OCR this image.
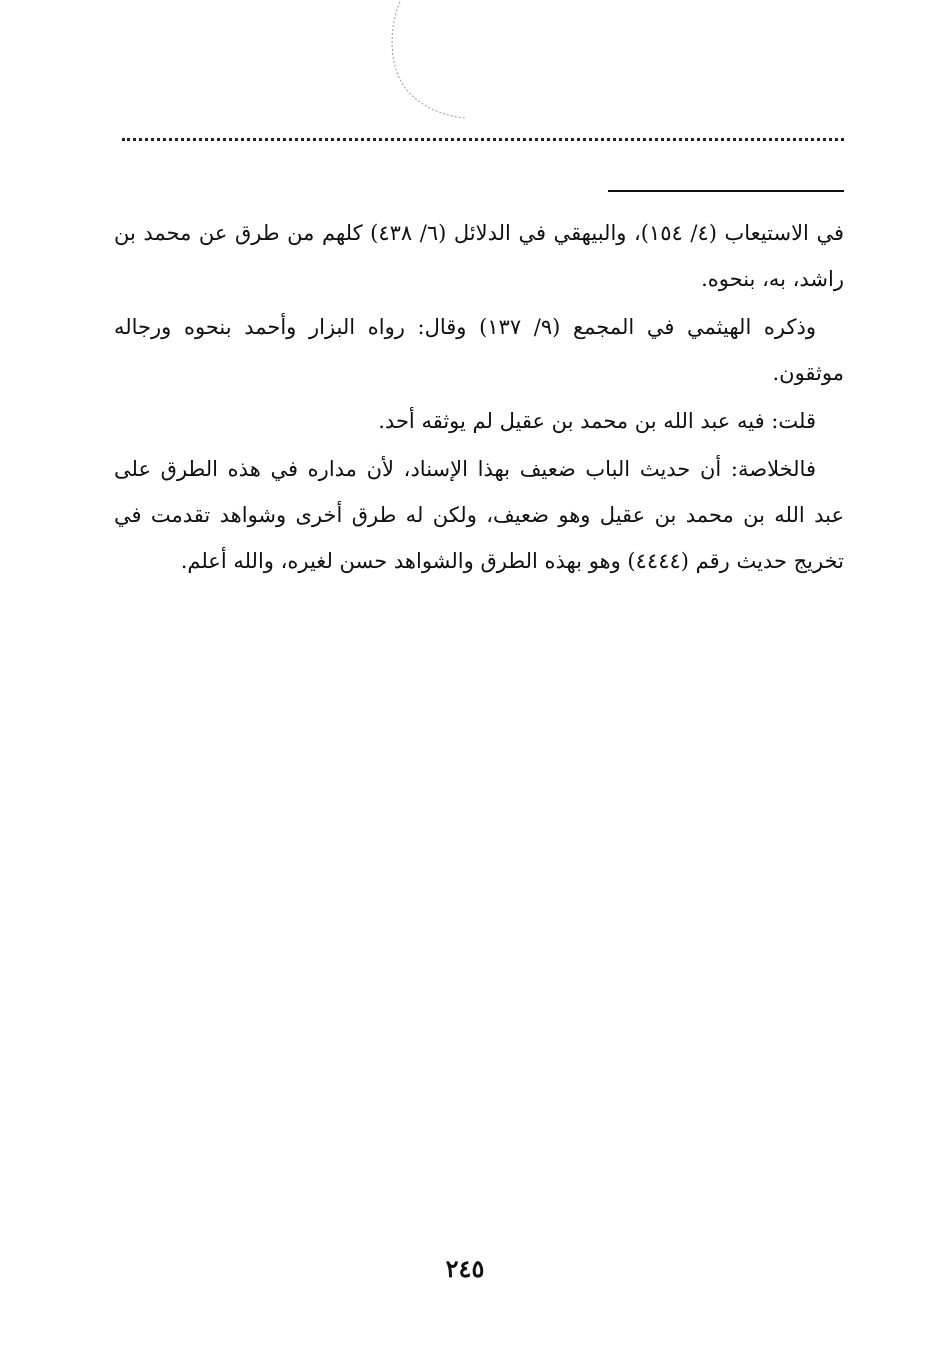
في الاستيعاب (٤/ ١٥٤)، والبيهقي في الدلائل (٦/ ٤٣٨) كلهم من طرق عن محمد بن راشد، به، بنحوه.

وذكره الهيثمي في المجمع (٩/ ١٣٧) وقال: رواه البزار وأحمد بنحوه ورجاله موثقون.

قلت: فيه عبد الله بن محمد بن عقيل لم يوثقه أحد.

فالخلاصة: أن حديث الباب ضعيف بهذا الإسناد، لأن مداره في هذه الطرق على عبد الله بن محمد بن عقيل وهو ضعيف، ولكن له طرق أخرى وشواهد تقدمت في تخريج حديث رقم (٤٤٤٤) وهو بهذه الطرق والشواهد حسن لغيره، والله أعلم.

٢٤٥
